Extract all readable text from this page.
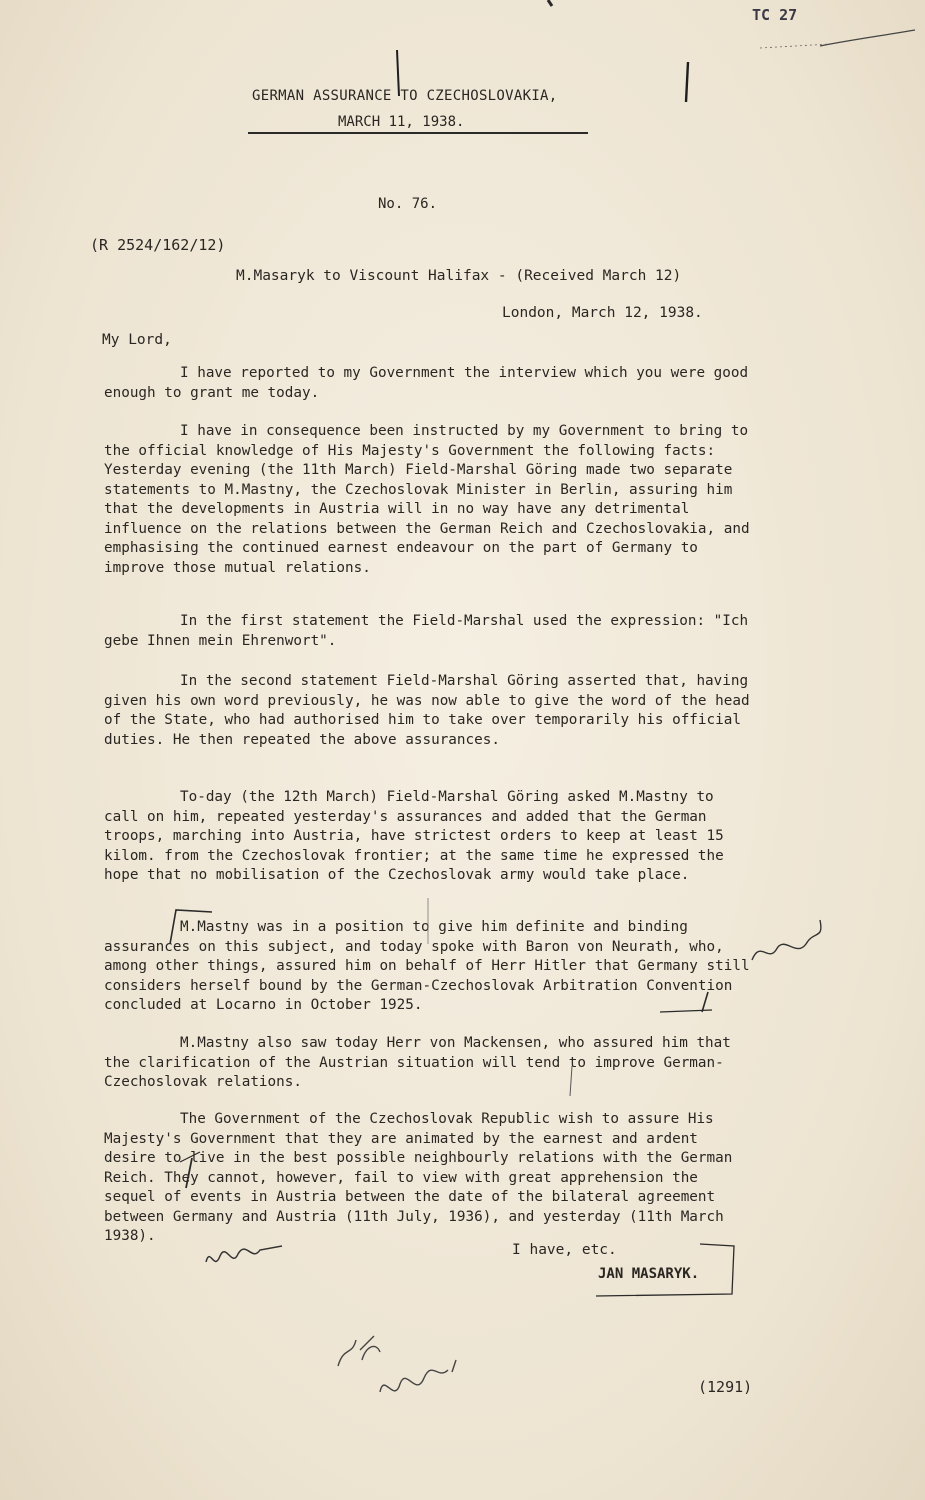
TC 27
GERMAN ASSURANCE TO CZECHOSLOVAKIA,
MARCH 11, 1938.
No. 76.
(R 2524/162/12)
M.Masaryk to Viscount Halifax - (Received March 12)
London, March 12, 1938.
My Lord,

I have reported to my Government the interview which you were good enough to grant me today.

I have in consequence been instructed by my Government to bring to the official knowledge of His Majesty's Government the following facts: Yesterday evening (the 11th March) Field-Marshal Göring made two separate statements to M.Mastny, the Czechoslovak Minister in Berlin, assuring him that the developments in Austria will in no way have any detrimental influence on the relations between the German Reich and Czechoslovakia, and emphasising the continued earnest endeavour on the part of Germany to improve those mutual relations.

In the first statement the Field-Marshal used the expression: "Ich gebe Ihnen mein Ehrenwort".

In the second statement Field-Marshal Göring asserted that, having given his own word previously, he was now able to give the word of the head of the State, who had authorised him to take over temporarily his official duties. He then repeated the above assurances.

To-day (the 12th March) Field-Marshal Göring asked M.Mastny to call on him, repeated yesterday's assurances and added that the German troops, marching into Austria, have strictest orders to keep at least 15 kilom. from the Czechoslovak frontier; at the same time he expressed the hope that no mobilisation of the Czechoslovak army would take place.

M.Mastny was in a position to give him definite and binding assurances on this subject, and today spoke with Baron von Neurath, who, among other things, assured him on behalf of Herr Hitler that Germany still considers herself bound by the German-Czechoslovak Arbitration Convention concluded at Locarno in October 1925.

M.Mastny also saw today Herr von Mackensen, who assured him that the clarification of the Austrian situation will tend to improve German-Czechoslovak relations.

The Government of the Czechoslovak Republic wish to assure His Majesty's Government that they are animated by the earnest and ardent desire to live in the best possible neighbourly relations with the German Reich. They cannot, however, fail to view with great apprehension the sequel of events in Austria between the date of the bilateral agreement between Germany and Austria (11th July, 1936), and yesterday (11th March 1938).

I have, etc.
JAN MASARYK.
(1291)
